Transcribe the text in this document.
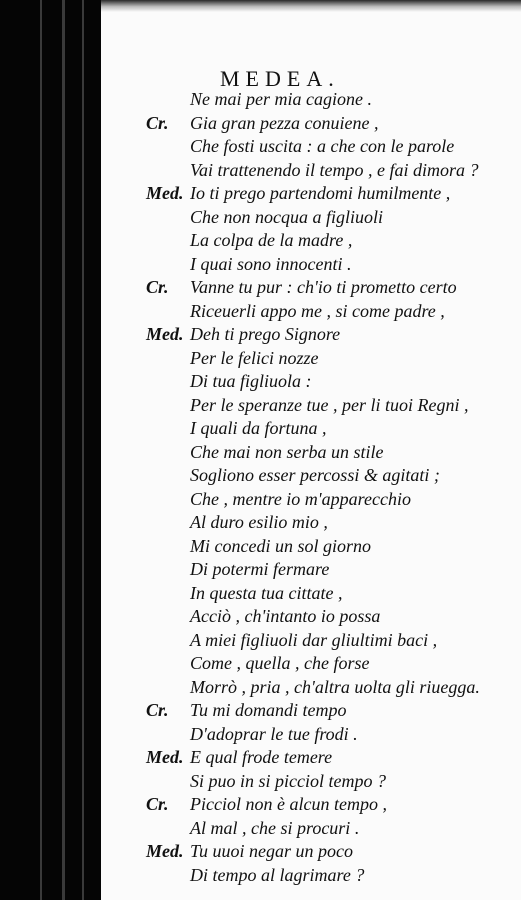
MEDEA.
Ne mai per mia cagione .
Cr. Gia gran pezza conuiene ,
Che fosti uscita : a che con le parole
Vai trattenendo il tempo , e fai dimora ?
Med. Io ti prego partendomi humilmente ,
Che non nocqua a figliuoli
La colpa de la madre ,
I quai sono innocenti .
Cr. Vanne tu pur : ch'io ti prometto certo
Riceuerli appo me , si come padre ,
Med. Deh ti prego Signore
Per le felici nozze
Di tua figliuola :
Per le speranze tue , per li tuoi Regni ,
I quali da fortuna ,
Che mai non serba un stile
Sogliono esser percossi & agitati ;
Che , mentre io m'apparecchio
Al duro esilio mio ,
Mi concedi un sol giorno
Di potermi fermare
In questa tua cittate ,
Acciò , ch'intanto io possa
A miei figliuoli dar gliultimi baci ,
Come , quella , che forse
Morrò , pria , ch'altra uolta gli riuegga.
Cr. Tu mi domandi tempo
D'adoprar le tue frodi .
Med. E qual frode temere
Si puo in si picciol tempo ?
Cr. Picciol non è alcun tempo ,
Al mal , che si procuri .
Med. Tu uuoi negar un poco
Di tempo al lagrimare ?
